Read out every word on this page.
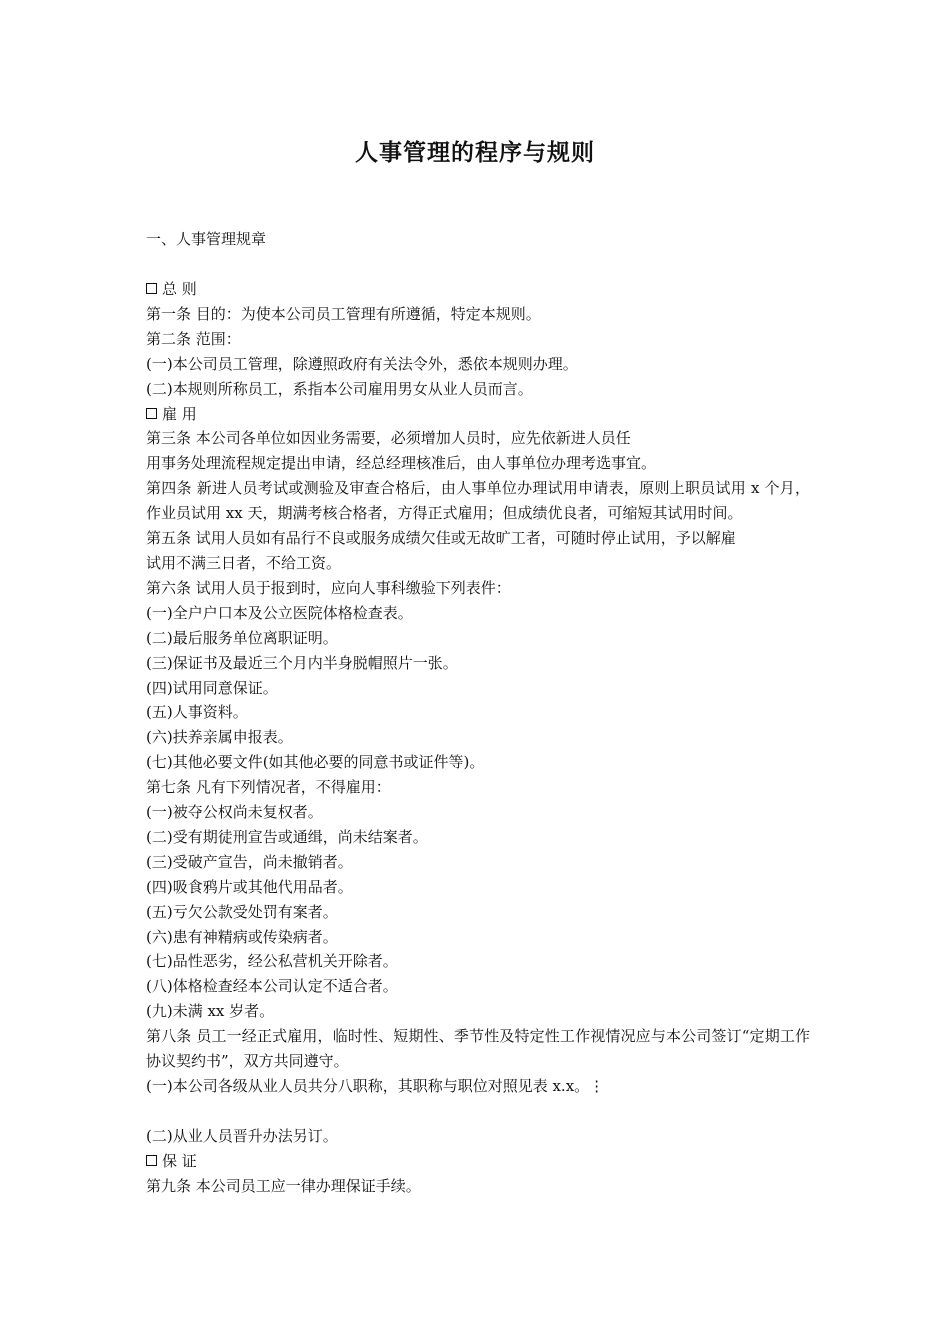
人事管理的程序与规则
一、人事管理规章
总 则
第一条 目的：为使本公司员工管理有所遵循，特定本规则。
第二条 范围：
(一)本公司员工管理，除遵照政府有关法令外，悉依本规则办理。
(二)本规则所称员工，系指本公司雇用男女从业人员而言。
雇 用
第三条 本公司各单位如因业务需要，必须增加人员时，应先依新进人员任
用事务处理流程规定提出申请，经总经理核准后，由人事单位办理考选事宜。
第四条 新进人员考试或测验及审查合格后，由人事单位办理试用申请表，原则上职员试用 x 个月，作业员试用 xx 天，期满考核合格者，方得正式雇用；但成绩优良者，可缩短其试用时间。
第五条 试用人员如有品行不良或服务成绩欠佳或无故旷工者，可随时停止试用，予以解雇
试用不满三日者，不给工资。
第六条 试用人员于报到时，应向人事科缴验下列表件：
(一)全户户口本及公立医院体格检查表。
(二)最后服务单位离职证明。
(三)保证书及最近三个月内半身脱帽照片一张。
(四)试用同意保证。
(五)人事资料。
(六)扶养亲属申报表。
(七)其他必要文件(如其他必要的同意书或证件等)。
第七条 凡有下列情况者，不得雇用：
(一)被夺公权尚未复权者。
(二)受有期徒刑宣告或通缉，尚未结案者。
(三)受破产宣告，尚未撤销者。
(四)吸食鸦片或其他代用品者。
(五)亏欠公款受处罚有案者。
(六)患有神精病或传染病者。
(七)品性恶劣，经公私营机关开除者。
(八)体格检查经本公司认定不适合者。
(九)未满 xx 岁者。
第八条 员工一经正式雇用，临时性、短期性、季节性及特定性工作视情况应与本公司签订“定期工作协议契约书”，双方共同遵守。
(一)本公司各级从业人员共分八职称，其职称与职位对照见表 x.x。⋮
(二)从业人员晋升办法另订。
保 证
第九条 本公司员工应一律办理保证手续。
